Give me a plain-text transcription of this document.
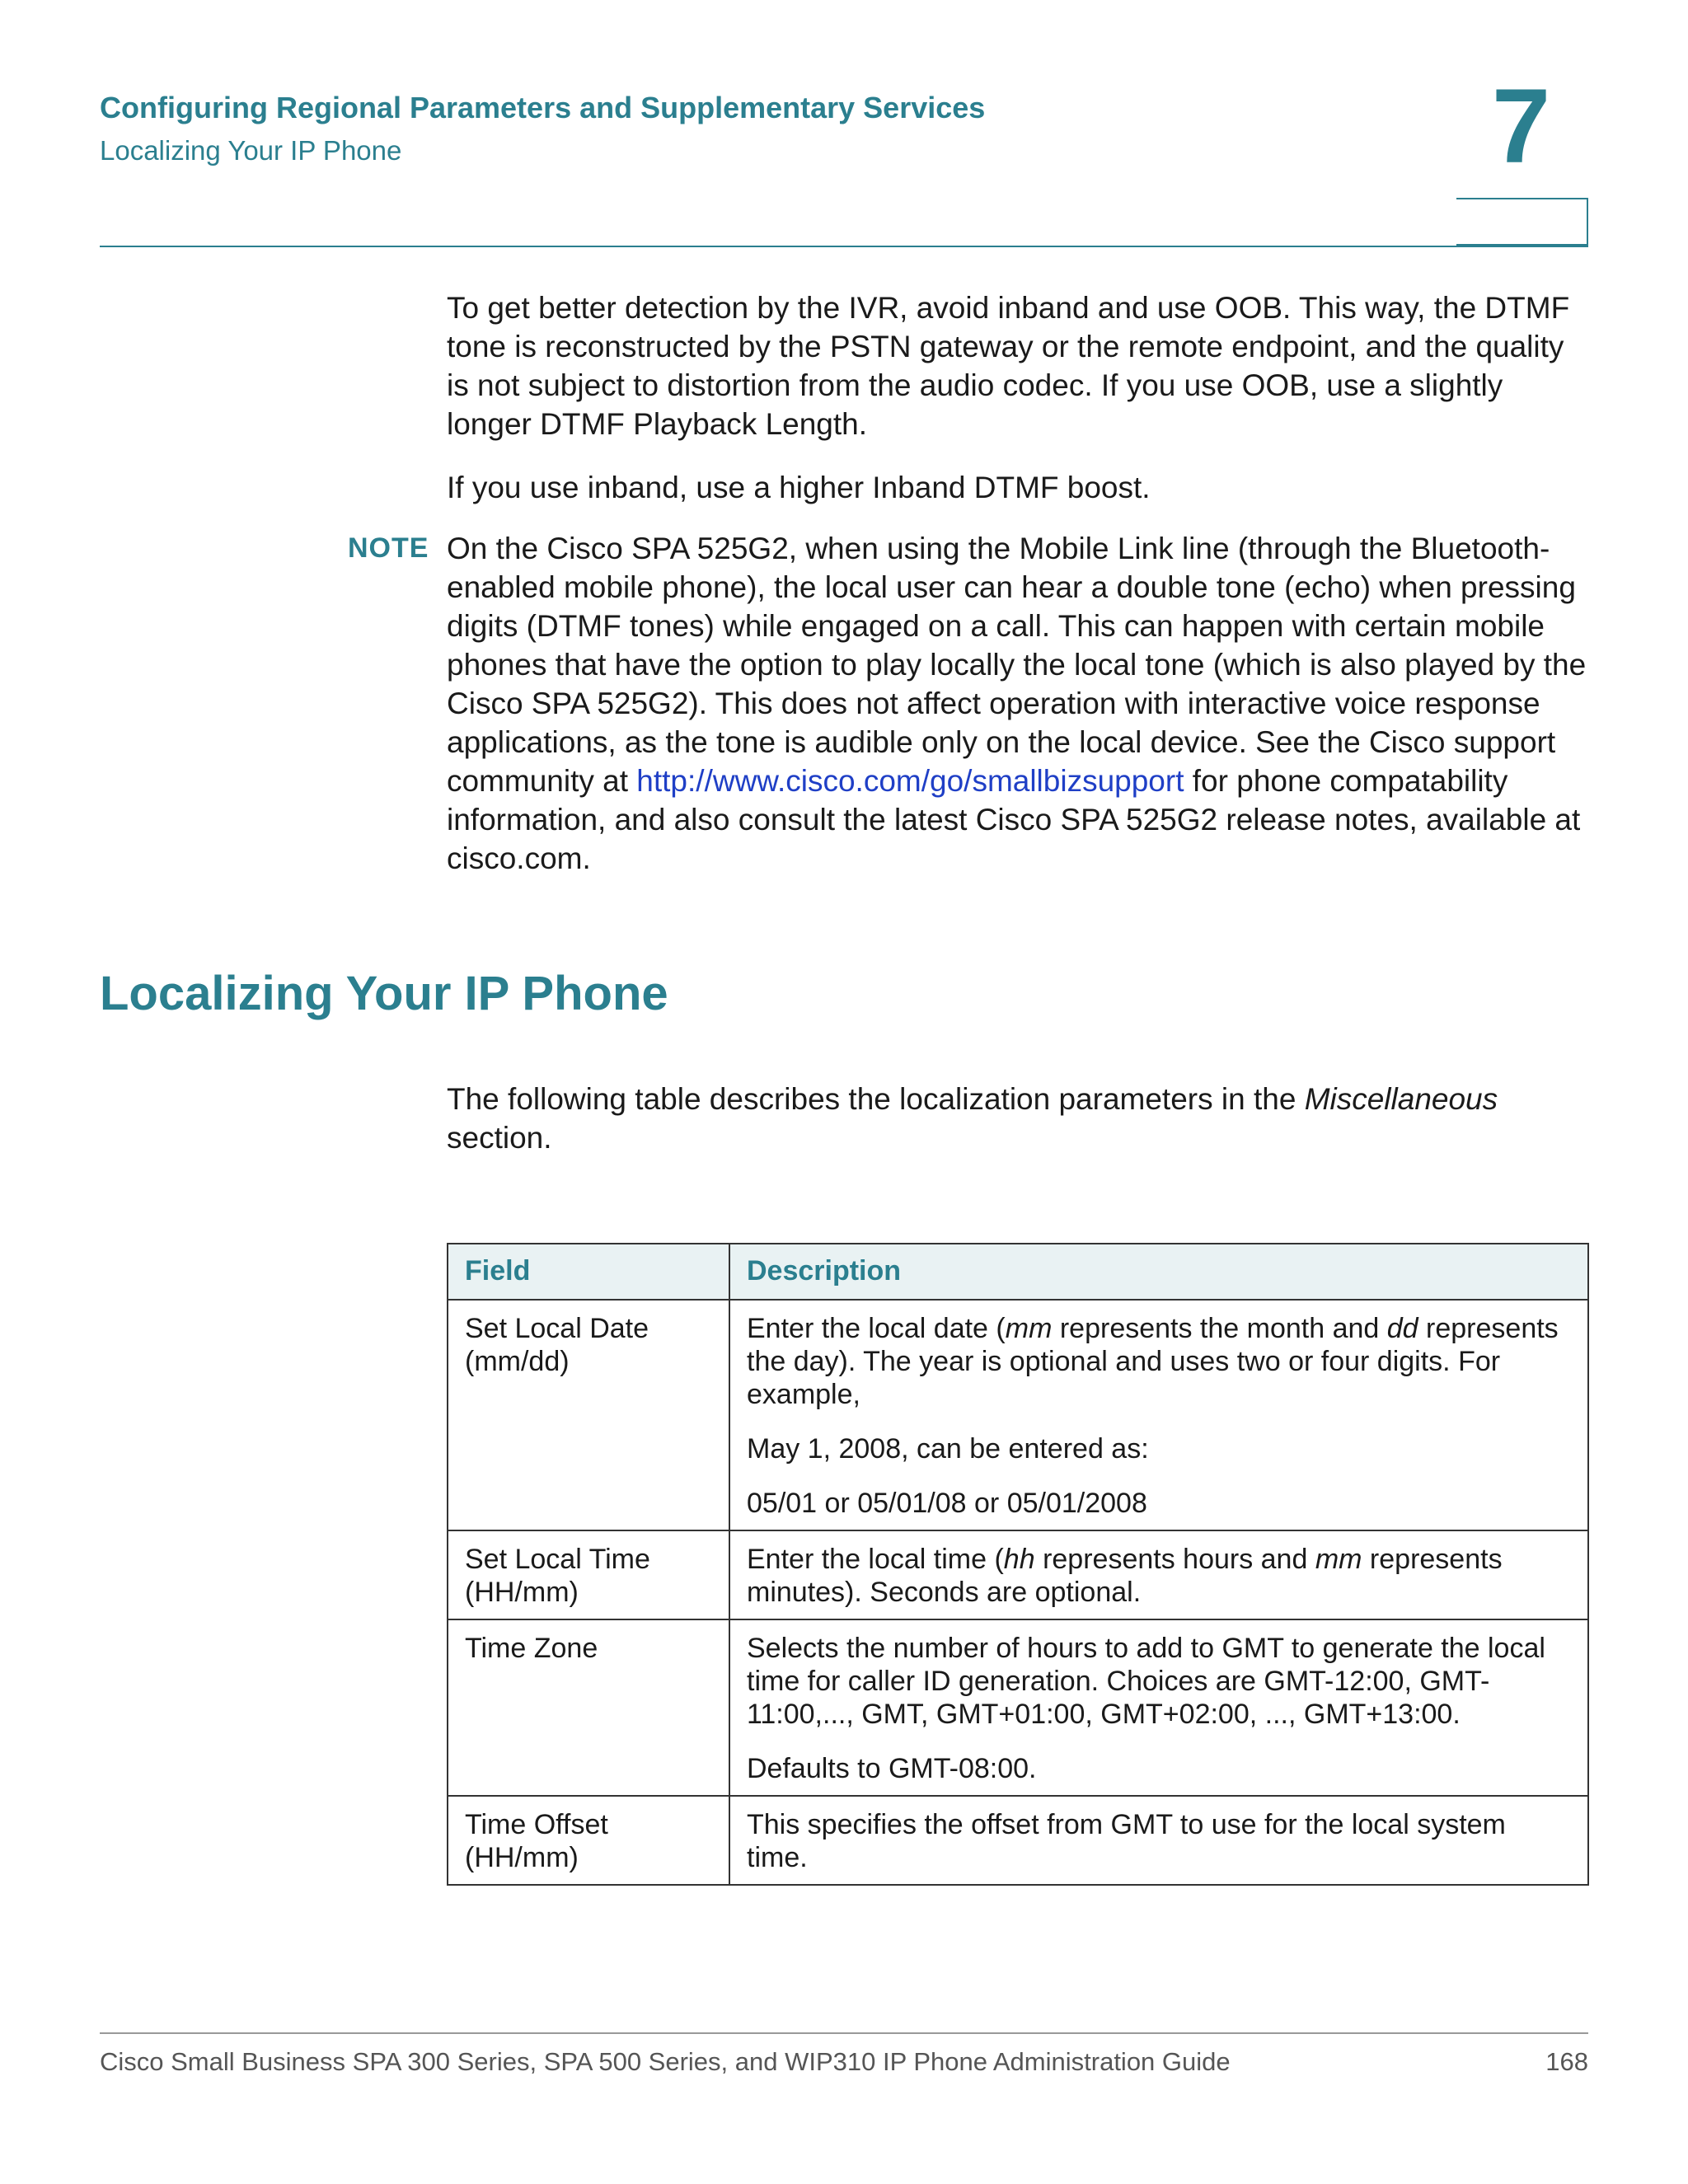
Configuring Regional Parameters and Supplementary Services
Localizing Your IP Phone	7
To get better detection by the IVR, avoid inband and use OOB. This way, the DTMF tone is reconstructed by the PSTN gateway or the remote endpoint, and the quality is not subject to distortion from the audio codec. If you use OOB, use a slightly longer DTMF Playback Length.
If you use inband, use a higher Inband DTMF boost.
NOTE On the Cisco SPA 525G2, when using the Mobile Link line (through the Bluetooth-enabled mobile phone), the local user can hear a double tone (echo) when pressing digits (DTMF tones) while engaged on a call. This can happen with certain mobile phones that have the option to play locally the local tone (which is also played by the Cisco SPA 525G2). This does not affect operation with interactive voice response applications, as the tone is audible only on the local device. See the Cisco support community at http://www.cisco.com/go/smallbizsupport for phone compatability information, and also consult the latest Cisco SPA 525G2 release notes, available at cisco.com.
Localizing Your IP Phone
The following table describes the localization parameters in the Miscellaneous
section.
Field	Description
Set Local Date (mm/dd)	Enter the local date (mm represents the month and dd represents the day). The year is optional and uses two or four digits. For example,

May 1, 2008, can be entered as:

05/01 or 05/01/08 or 05/01/2008

Set Local Time (HH/mm)	Enter the local time (hh represents hours and mm represents minutes). Seconds are optional.

Time Zone	Selects the number of hours to add to GMT to generate the local time for caller ID generation. Choices are GMT-12:00, GMT-11:00,..., GMT, GMT+01:00, GMT+02:00, ..., GMT+13:00.

Defaults to GMT-08:00.

Time Offset (HH/mm)	This specifies the offset from GMT to use for the local system time.

Cisco Small Business SPA 300 Series, SPA 500 Series, and WIP310 IP Phone Administration Guide	168
